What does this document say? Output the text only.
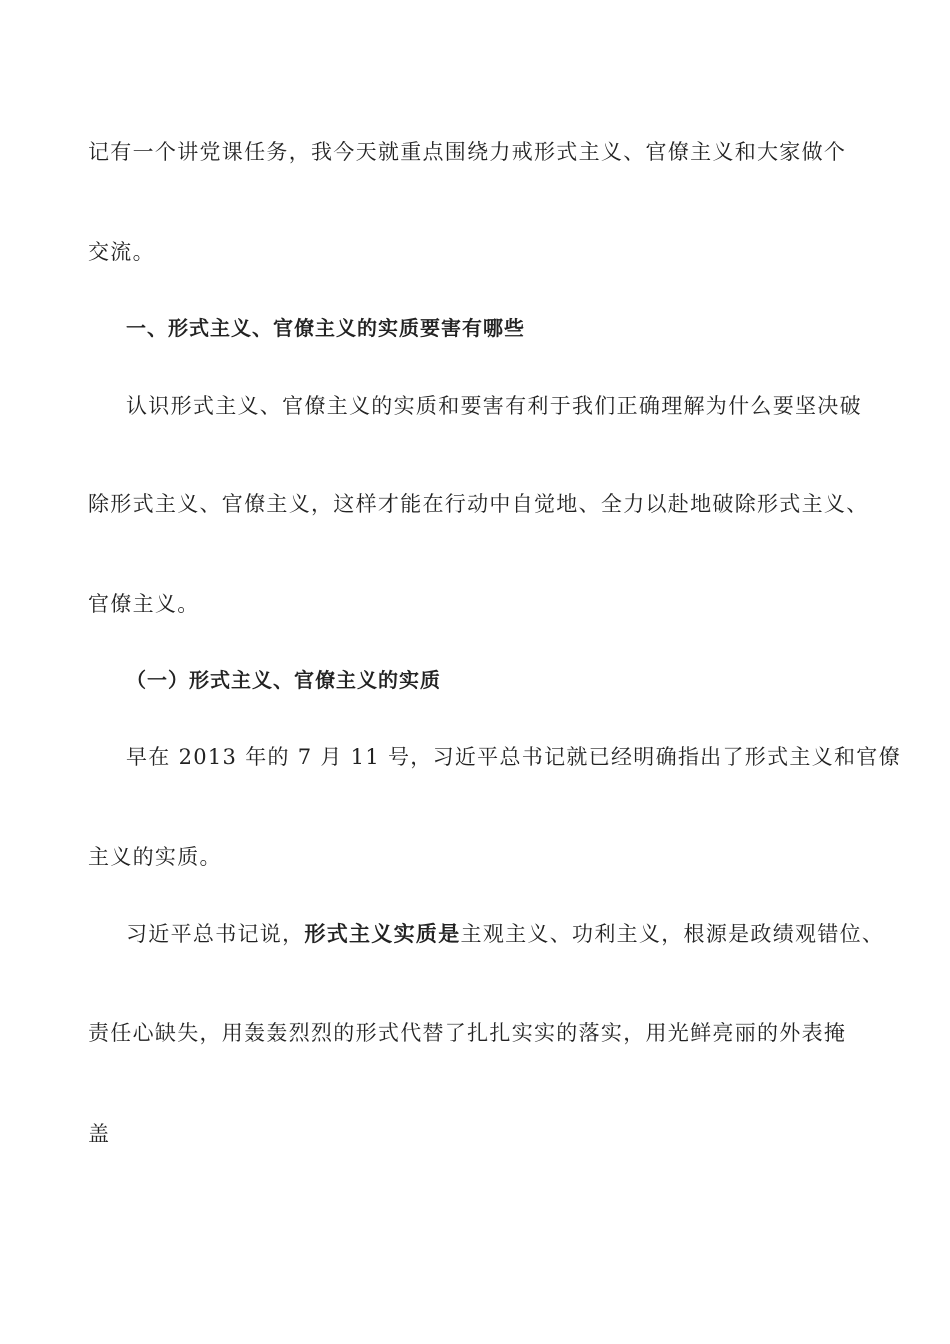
记有一个讲党课任务，我今天就重点围绕力戒形式主义、官僚主义和大家做个
交流。
一、形式主义、官僚主义的实质要害有哪些
认识形式主义、官僚主义的实质和要害有利于我们正确理解为什么要坚决破
除形式主义、官僚主义，这样才能在行动中自觉地、全力以赴地破除形式主义、
官僚主义。
（一）形式主义、官僚主义的实质
早在 2013 年的 7 月 11 号，习近平总书记就已经明确指出了形式主义和官僚
主义的实质。
习近平总书记说，形式主义实质是主观主义、功利主义，根源是政绩观错位、
责任心缺失，用轰轰烈烈的形式代替了扎扎实实的落实，用光鲜亮丽的外表掩
盖
